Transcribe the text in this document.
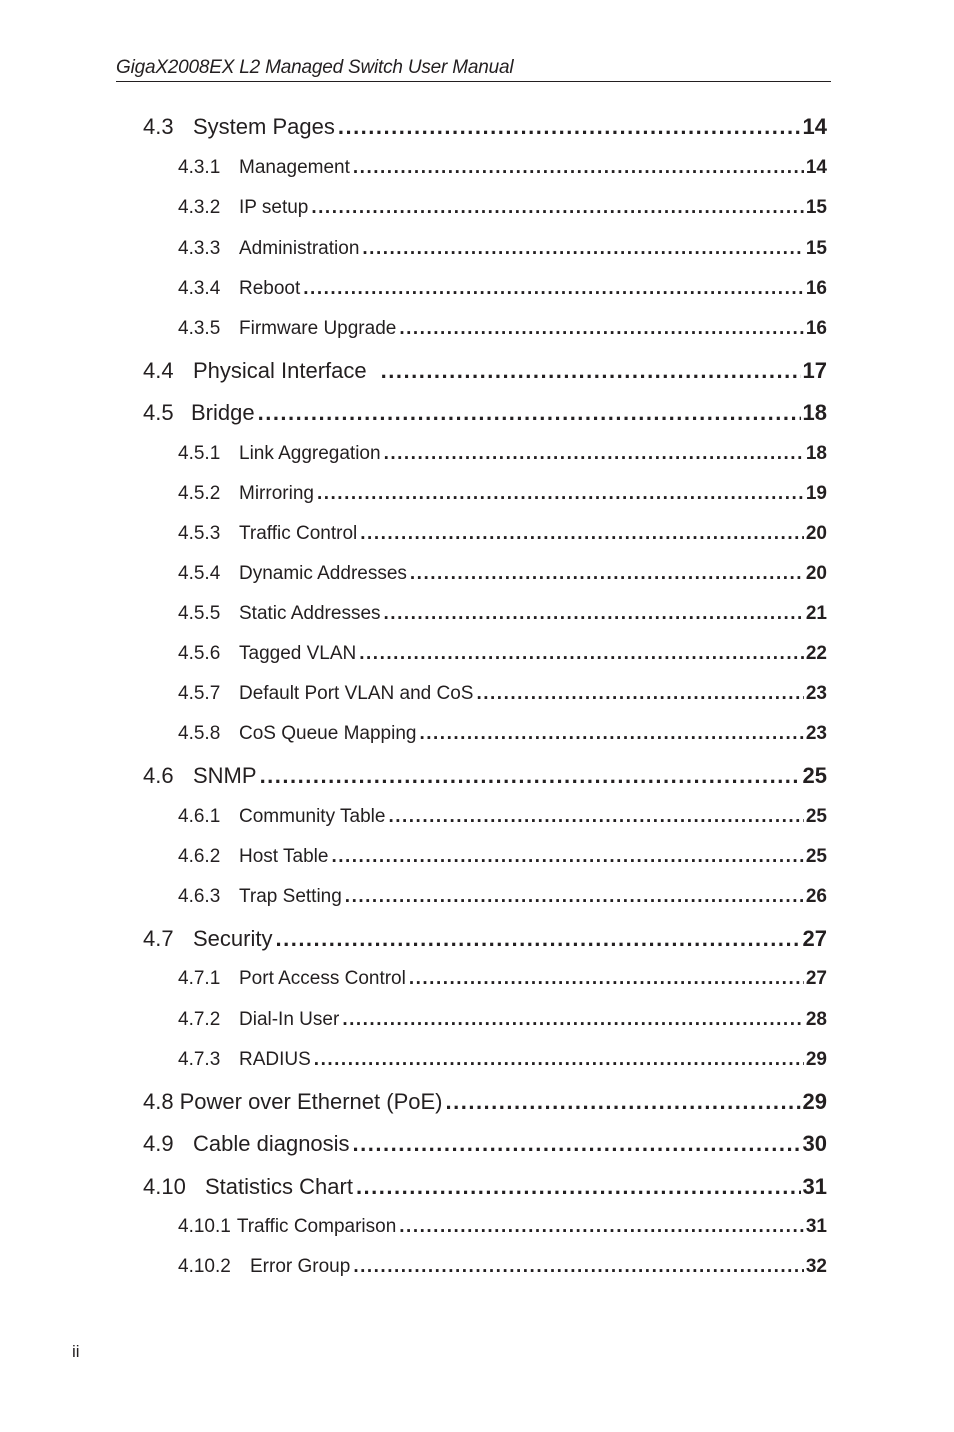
GigaX2008EX L2 Managed Switch User Manual
4.3 System Pages .....	14
4.3.1 Management .....	14
4.3.2 IP setup .....	15
4.3.3 Administration .....	15
4.3.4 Reboot .....	16
4.3.5 Firmware Upgrade .....	16
4.4 Physical Interface .....	17
4.5 Bridge .....	18
4.5.1 Link Aggregation .....	18
4.5.2 Mirroring .....	19
4.5.3 Traffic Control .....	20
4.5.4 Dynamic Addresses .....	20
4.5.5 Static Addresses .....	21
4.5.6 Tagged VLAN .....	22
4.5.7 Default Port VLAN and CoS .....	23
4.5.8 CoS Queue Mapping .....	23
4.6 SNMP .....	25
4.6.1 Community Table .....	25
4.6.2 Host Table .....	25
4.6.3 Trap Setting .....	26
4.7 Security .....	27
4.7.1 Port Access Control .....	27
4.7.2 Dial-In User .....	28
4.7.3 RADIUS .....	29
4.8 Power over Ethernet (PoE) .....	29
4.9 Cable diagnosis .....	30
4.10 Statistics Chart .....	31
4.10.1 Traffic Comparison .....	31
4.10.2	Error Group .....	32
ii
